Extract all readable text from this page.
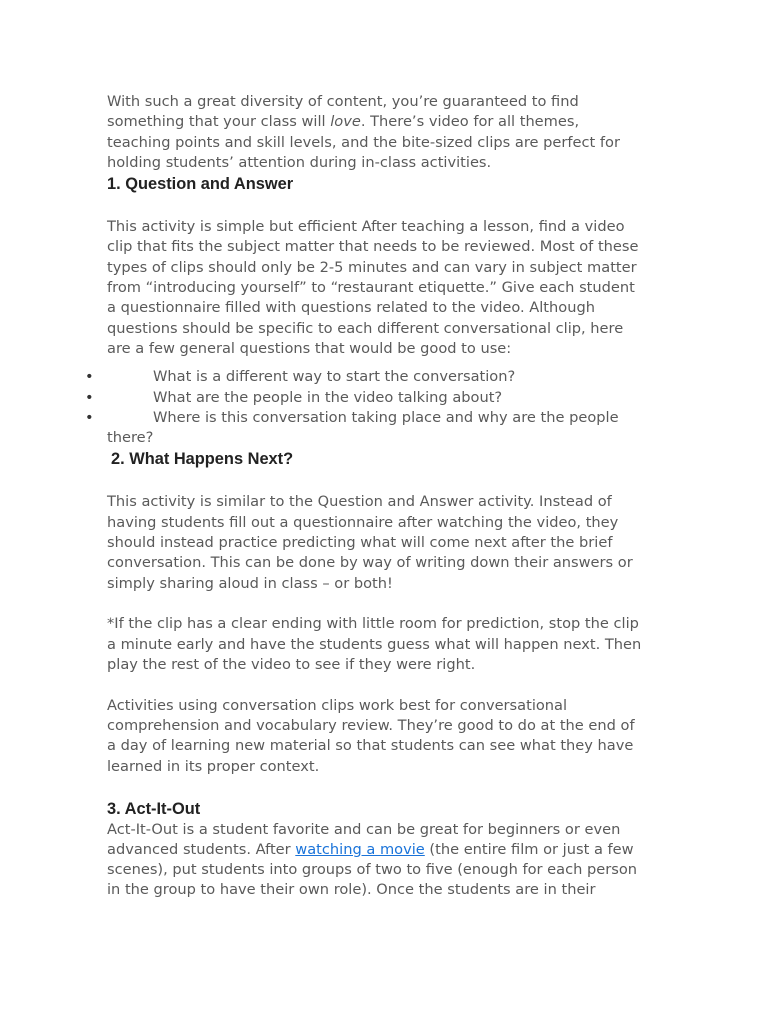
With such a great diversity of content, you’re guaranteed to find
something that your class will love. There’s video for all themes,
teaching points and skill levels, and the bite-sized clips are perfect for
holding students’ attention during in-class activities.

1. Question and Answer

This activity is simple but efficient After teaching a lesson, find a video
clip that fits the subject matter that needs to be reviewed. Most of these
types of clips should only be 2-5 minutes and can vary in subject matter
from “introducing yourself” to “restaurant etiquette.” Give each student
a questionnaire filled with questions related to the video. Although
questions should be specific to each different conversational clip, here
are a few general questions that would be good to use:

•	What is a different way to start the conversation?
•	What are the people in the video talking about?
•	Where is this conversation taking place and why are the people
there?
2. What Happens Next?

This activity is similar to the Question and Answer activity. Instead of
having students fill out a questionnaire after watching the video, they
should instead practice predicting what will come next after the brief
conversation. This can be done by way of writing down their answers or
simply sharing aloud in class – or both!

*If the clip has a clear ending with little room for prediction, stop the clip
a minute early and have the students guess what will happen next. Then
play the rest of the video to see if they were right.

Activities using conversation clips work best for conversational
comprehension and vocabulary review. They’re good to do at the end of
a day of learning new material so that students can see what they have
learned in its proper context.

3. Act-It-Out

Act-It-Out is a student favorite and can be great for beginners or even
advanced students. After watching a movie (the entire film or just a few
scenes), put students into groups of two to five (enough for each person
in the group to have their own role). Once the students are in their
